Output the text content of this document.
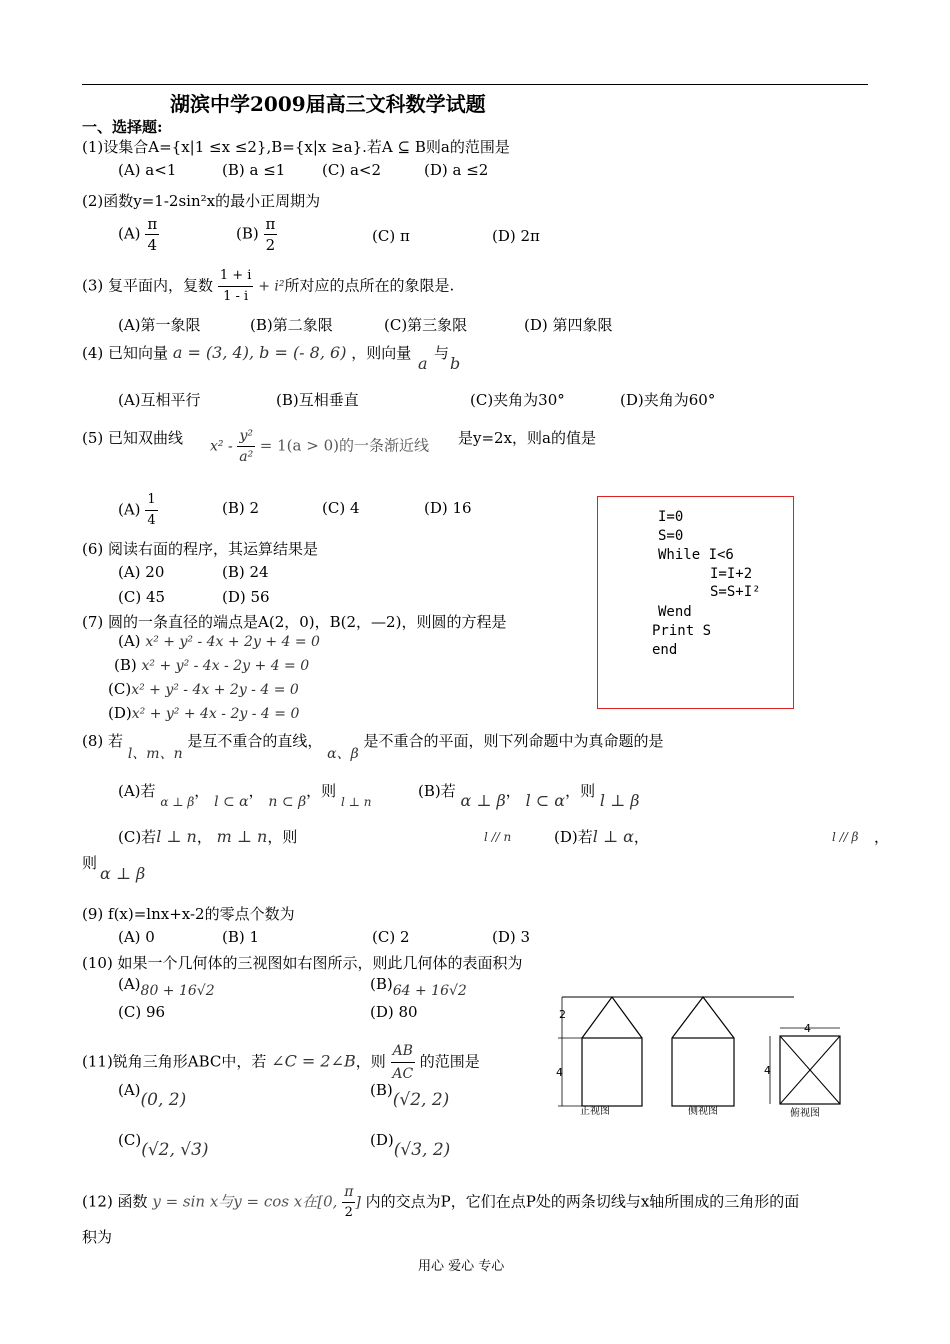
湖滨中学2009届高三文科数学试题
一、选择题:
(1)设集合A={x|1 ≤x ≤2},B={x|x ≥a}.若A ⊆ B则a的范围是
(A) a<1	(B) a ≤1 (C) a<2	(D) a ≤2
(2)函数y=1-2sin²x的最小正周期为
$(A) \frac{\pi}{4}$	$(B) \frac{\pi}{2}$	(C) π	(D) 2π
(3) 复平面内，复数 $\frac{1 + i}{1 - i} + i^2$所对应的点所在的象限是.
(A)第一象限	(B)第二象限	(C)第三象限	(D) 第四象限
(4) 已知向量 a = (3, 4), b = (- 8, 6) ，则向量
a
与
b
(A)互相平行	(B)互相垂直	(C)夹角为30°	(D)夹角为60°
(5) 已知双曲线 $x^2 - \frac{\text{y²}}{\text{a²}} = 1(a > 0)$的一条渐近线 是y=2x，则a的值是
$(A) \frac{1}{4}$	(B) 2	(C) 4	(D) 16	I=0
S=0
While I<6
I=I+2
S=S+I²
Wend
Print S
end
(6) 阅读右面的程序，其运算结果是
(A) 20	(B) 24
(C) 45	(D) 56
(7) 圆的一条直径的端点是A(2，0)，B(2，—2)，则圆的方程是
(A) x² + y² - 4x + 2y + 4 = 0
(B) x² + y² - 4x - 2y + 4 = 0
(C)x² + y² - 4x + 2y - 4 = 0
(D)x² + y² + 4x - 2y - 4 = 0
(8) 若 l、m、n 是互不重合的直线， α、β 是不重合的平面，则下列命题中为真命题的是
(A)若 $_{\alpha \perp \beta}$， l ⊂ α， n ⊂ β，则 $_{l \perp n}$
(B)若 α ⊥ β， l ⊂ α，则 l ⊥ β
(C)若l ⊥ n， m ⊥ n，则	l // n	(D)若l ⊥ α，	l // β ，
则
α ⊥ β
(9) f(x)=lnx+x-2的零点个数为
(A) 0	(B) 1	(C) 2	(D) 3
(10) 如果一个几何体的三视图如右图所示，则此几何体的表面积为
(A)80 + 16√2	(B)64 + 16√2
(C) 96	(D) 80	2
4
4
4
正视图	侧视图	俯视图
(11)锐角三角形ABC中，若 ∠C = 2∠B，则 $\frac{AB}{AC}$ 的范围是
(A)(0, 2)	(B)(√2, 2)
(C)(√2, √3)	(D)(√3, 2)
(12) 函数 y = sin x与y = cos x在[0, $\frac{\pi}{2}$ ] 内的交点为P，它们在点P处的两条切线与x轴所围成的三角形的面
积为
用心 爱心 专心
